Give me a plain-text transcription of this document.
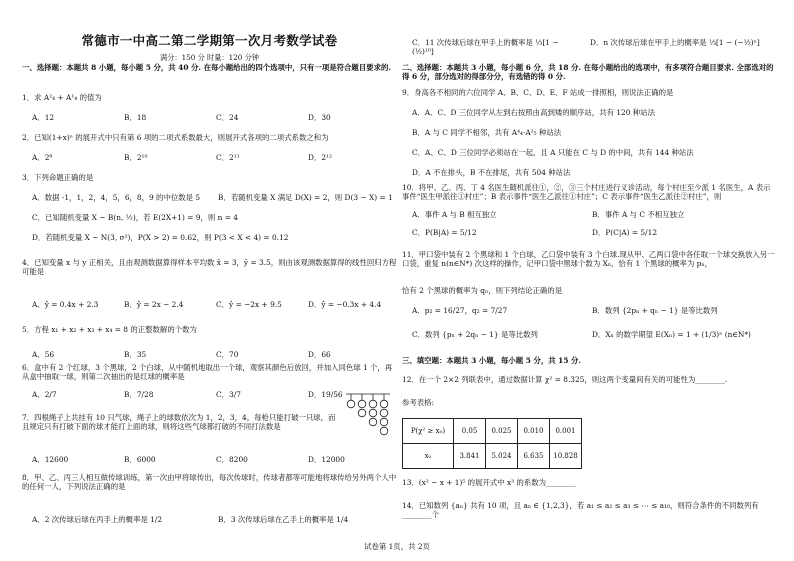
常德市一中高二第二学期第一次月考数学试卷
满分：150 分 时量：120 分钟
一、选择题：本题共 8 小题，每小题 5 分，共 40 分. 在每小题给出的四个选项中，只有一项是符合题目要求的.
1．求 A²₄ + A¹₄ 的值为
A．12	B．18	C．24	D．30
2．已知(1+x)ⁿ 的展开式中只有第 6 项的二项式系数最大，则展开式各项的二项式系数之和为
A．2⁸	B．2¹⁰	C．2¹¹	D．2¹²
3．下列命题正确的是
A．数据 -1，1，2，4，5，6，8，9 的中位数是 5	B．若随机变量 X 满足 D(X) = 2，则 D(3 − X) = 1
C．已知随机变量 X ~ B(n, ½)，若 E(2X+1) = 9，则 n = 4
D．若随机变量 X ~ N(3, σ²)，P(X > 2) = 0.62，则 P(3 < X < 4) = 0.12
4．已知变量 x 与 y 正相关，且由观测数据算得样本平均数 x̄ = 3，ȳ = 3.5，则由该观测数据算得的线性回归方程可能是
A．ŷ = 0.4x + 2.3	B．ŷ = 2x − 2.4	C．ŷ = −2x + 9.5	D．ŷ = −0.3x + 4.4
5．方程 x₁ + x₂ + x₃ + x₄ = 8 的正整数解的个数为
A．56	B．35	C．70	D．66
6．盒中有 2 个红球，3 个黑球，2 个白球，从中随机地取出一个球，观察其颜色后放回，并加入同色球 1 个，再从盒中抽取一球，则第二次抽出的是红球的概率是
A．2/7	B．7/28	C．3/7	D．19/56
7．四根绳子上共挂有 10 只气球，绳子上的球数依次为 1，2，3，4，每枪只能打破一只球，而且规定只有打破下面的球才能打上面的球，则将这些气球都打破的不同打法数是
A．12600	B．6000	C．8200	D．12000
8．甲、乙、丙三人相互做传球训练，第一次由甲将球传出，每次传球时，传球者都等可能地将球传给另外两个人中的任何一人，下列说法正确的是
A．2 次传球后球在丙手上的概率是 1/2	B．3 次传球后球在乙手上的概率是 1/4
C．11 次传球后球在甲手上的概率是 ⅓[1 − (½)¹⁰]
D．n 次传球后球在甲手上的概率是 ⅓[1 − (−½)ⁿ]
二、选择题：本题共 3 小题，每小题 6 分，共 18 分. 在每小题给出的选项中，有多项符合题目要求. 全部选对的得 6 分，部分选对的得部分分，有选错的得 0 分.
9．身高各不相同的六位同学 A、B、C、D、E、F 站成一排照相，则说法正确的是
A．A、C、D 三位同学从左到右按照由高到矮的顺序站，共有 120 种站法
B．A 与 C 同学不相邻，共有 A⁴₄·A²₅ 种站法
C．A、C、D 三位同学必须站在一起，且 A 只能在 C 与 D 的中间，共有 144 种站法
D．A 不在排头，B 不在排尾，共有 504 种站法
10．将甲、乙、丙、丁 4 名医生随机派往①，②，③三个村庄进行义诊活动，每个村庄至少派 1 名医生，A 表示事件“医生甲派往①村庄”；B 表示事件“医生乙派往①村庄”；C 表示事件“医生乙派往②村庄”，则
A．事件 A 与 B 相互独立	B．事件 A 与 C 不相互独立
C．P(B|A) = 5/12	D．P(C|A) = 5/12
11．甲口袋中装有 2 个黑球和 1 个白球，乙口袋中装有 3 个白球.现从甲、乙两口袋中各任取一个球交换放入另一口袋，重复 n(n∈N*) 次这样的操作，记甲口袋中黑球个数为 Xₙ，恰有 1 个黑球的概率为 pₙ，
恰有 2 个黑球的概率为 qₙ，则下列结论正确的是
A．p₂ = 16/27，q₂ = 7/27	B．数列 {2pₙ + qₙ − 1} 是等比数列
C．数列 {pₙ + 2qₙ − 1} 是等比数列	D．Xₙ 的数学期望 E(Xₙ) = 1 + (1/3)ⁿ (n∈N*)
三、填空题：本题共 3 小题，每小题 5 分，共 15 分.
12．在一个 2×2 列联表中，通过数据计算 χ² = 8.325，则这两个变量间有关的可能性为________.
参考表格:
P(χ² ≥ x₀)	0.05	0.025	0.010	0.001
x₀	3.841	5.024	6.635	10.828
13．(x² − x + 1)⁵ 的展开式中 x³ 的系数为________
14．已知数列 {aₙ} 共有 10 项，且 aₙ ∈ {1,2,3}，若 a₁ ≤ a₂ ≤ a₃ ≤ ⋯ ≤ a₁₀，则符合条件的不同数列有________个
试卷第 1页，共 2页
